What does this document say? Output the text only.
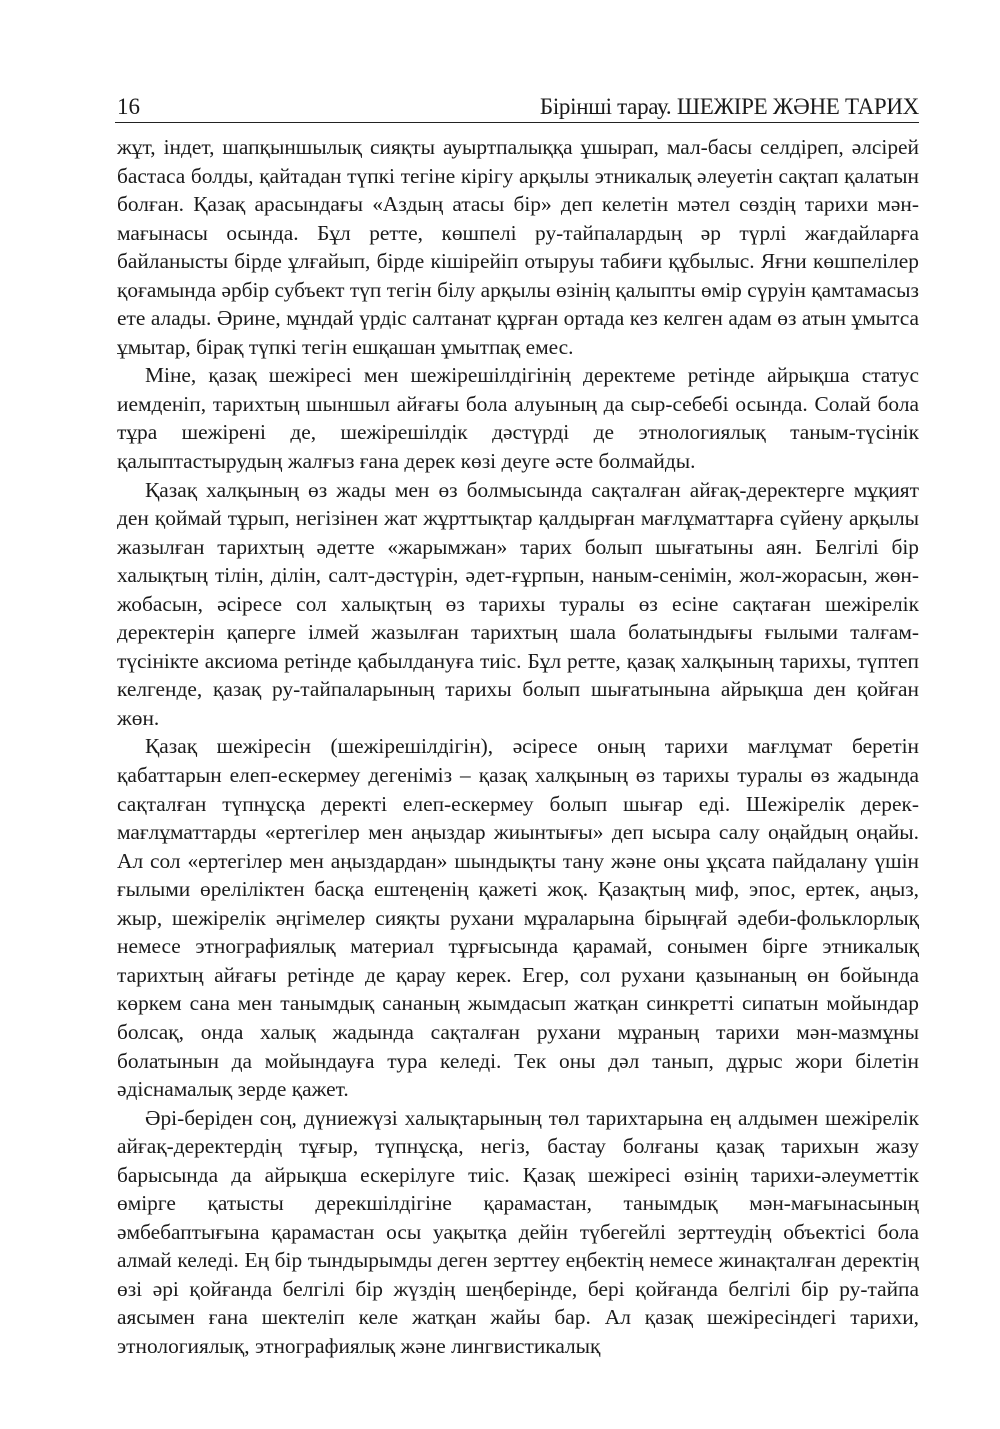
16	Бірінші тарау. ШЕЖІРЕ ЖӘНЕ ТАРИХ

жұт, індет, шапқыншылық сияқты ауыртпалыққа ұшырап, мал-басы селдіреп, әлсірей бастаса болды, қайтадан түпкі тегіне кірігу арқылы этникалық әлеуетін сақтап қалатын болған. Қазақ арасындағы «Аздың атасы бір» деп келетін мәтел сөздің тарихи мән-мағынасы осында. Бұл ретте, көшпелі ру-тайпалардың әр түрлі жағдайларға байланысты бірде ұлғайып, бірде кішірейіп отыруы табиғи құбылыс. Яғни көшпелілер қоғамында әрбір субъект түп тегін білу арқылы өзінің қалыпты өмір сүруін қамтамасыз ете алады. Әрине, мұндай үрдіс салтанат құрған ортада кез келген адам өз атын ұмытса ұмытар, бірақ түпкі тегін ешқашан ұмытпақ емес.

Міне, қазақ шежіресі мен шежірешілдігінің деректеме ретінде айрықша статус иемденіп, тарихтың шыншыл айғағы бола алуының да сыр-себебі осында. Солай бола тұра шежірені де, шежірешілдік дәстүрді де этнологиялық таным-түсінік қалыптастырудың жалғыз ғана дерек көзі деуге әсте болмайды.

Қазақ халқының өз жады мен өз болмысында сақталған айғақ-деректерге мұқият ден қоймай тұрып, негізінен жат жұрттықтар қалдырған мағлұматтарға сүйену арқылы жазылған тарихтың әдетте «жарымжан» тарих болып шығатыны аян. Белгілі бір халықтың тілін, ділін, салт-дәстүрін, әдет-ғұрпын, наным-сенімін, жол-жорасын, жөн-жобасын, әсіресе сол халықтың өз тарихы туралы өз есіне сақтаған шежірелік деректерін қаперге ілмей жазылған тарихтың шала болатындығы ғылыми талғам-түсінікте аксиома ретінде қабылдануға тиіс. Бұл ретте, қазақ халқының тарихы, түптеп келгенде, қазақ ру-тайпаларының тарихы болып шығатынына айрықша ден қойған жөн.

Қазақ шежіресін (шежірешілдігін), әсіресе оның тарихи мағлұмат беретін қабаттарын елеп-ескермеу дегеніміз – қазақ халқының өз тарихы туралы өз жадында сақталған түпнұсқа деректі елеп-ескермеу болып шығар еді. Шежірелік дерек-мағлұматтарды «ертегілер мен аңыздар жиынтығы» деп ысыра салу оңайдың оңайы. Ал сол «ертегілер мен аңыздардан» шындықты тану және оны ұқсата пайдалану үшін ғылыми өреліліктен басқа ештеңенің қажеті жоқ. Қазақтың миф, эпос, ертек, аңыз, жыр, шежірелік әңгімелер сияқты рухани мұраларына бірыңғай әдеби-фольклорлық немесе этнографиялық материал тұрғысында қарамай, сонымен бірге этникалық тарихтың айғағы ретінде де қарау керек. Егер, сол рухани қазынаның өн бойында көркем сана мен танымдық сананың жымдасып жатқан синкретті сипатын мойындар болсақ, онда халық жадында сақталған рухани мұраның тарихи мән-мазмұны болатынын да мойындауға тура келеді. Тек оны дәл танып, дұрыс жори білетін әдіснамалық зерде қажет.

Әрі-беріден соң, дүниежүзі халықтарының төл тарихтарына ең алдымен шежірелік айғақ-деректердің тұғыр, түпнұсқа, негіз, бастау болғаны қазақ тарихын жазу барысында да айрықша ескерілуге тиіс. Қазақ шежіресі өзінің тарихи-әлеуметтік өмірге қатысты дерекшілдігіне қарамастан, танымдық мән-мағынасының әмбебаптығына қарамастан осы уақытқа дейін түбегейлі зерттеудің объектісі бола алмай келеді. Ең бір тындырымды деген зерттеу еңбектің немесе жинақталған деректің өзі әрі қойғанда белгілі бір жүздің шеңберінде, бері қойғанда белгілі бір ру-тайпа аясымен ғана шектеліп келе жатқан жайы бар. Ал қазақ шежіресіндегі тарихи, этнологиялық, этнографиялық және лингвистикалық
